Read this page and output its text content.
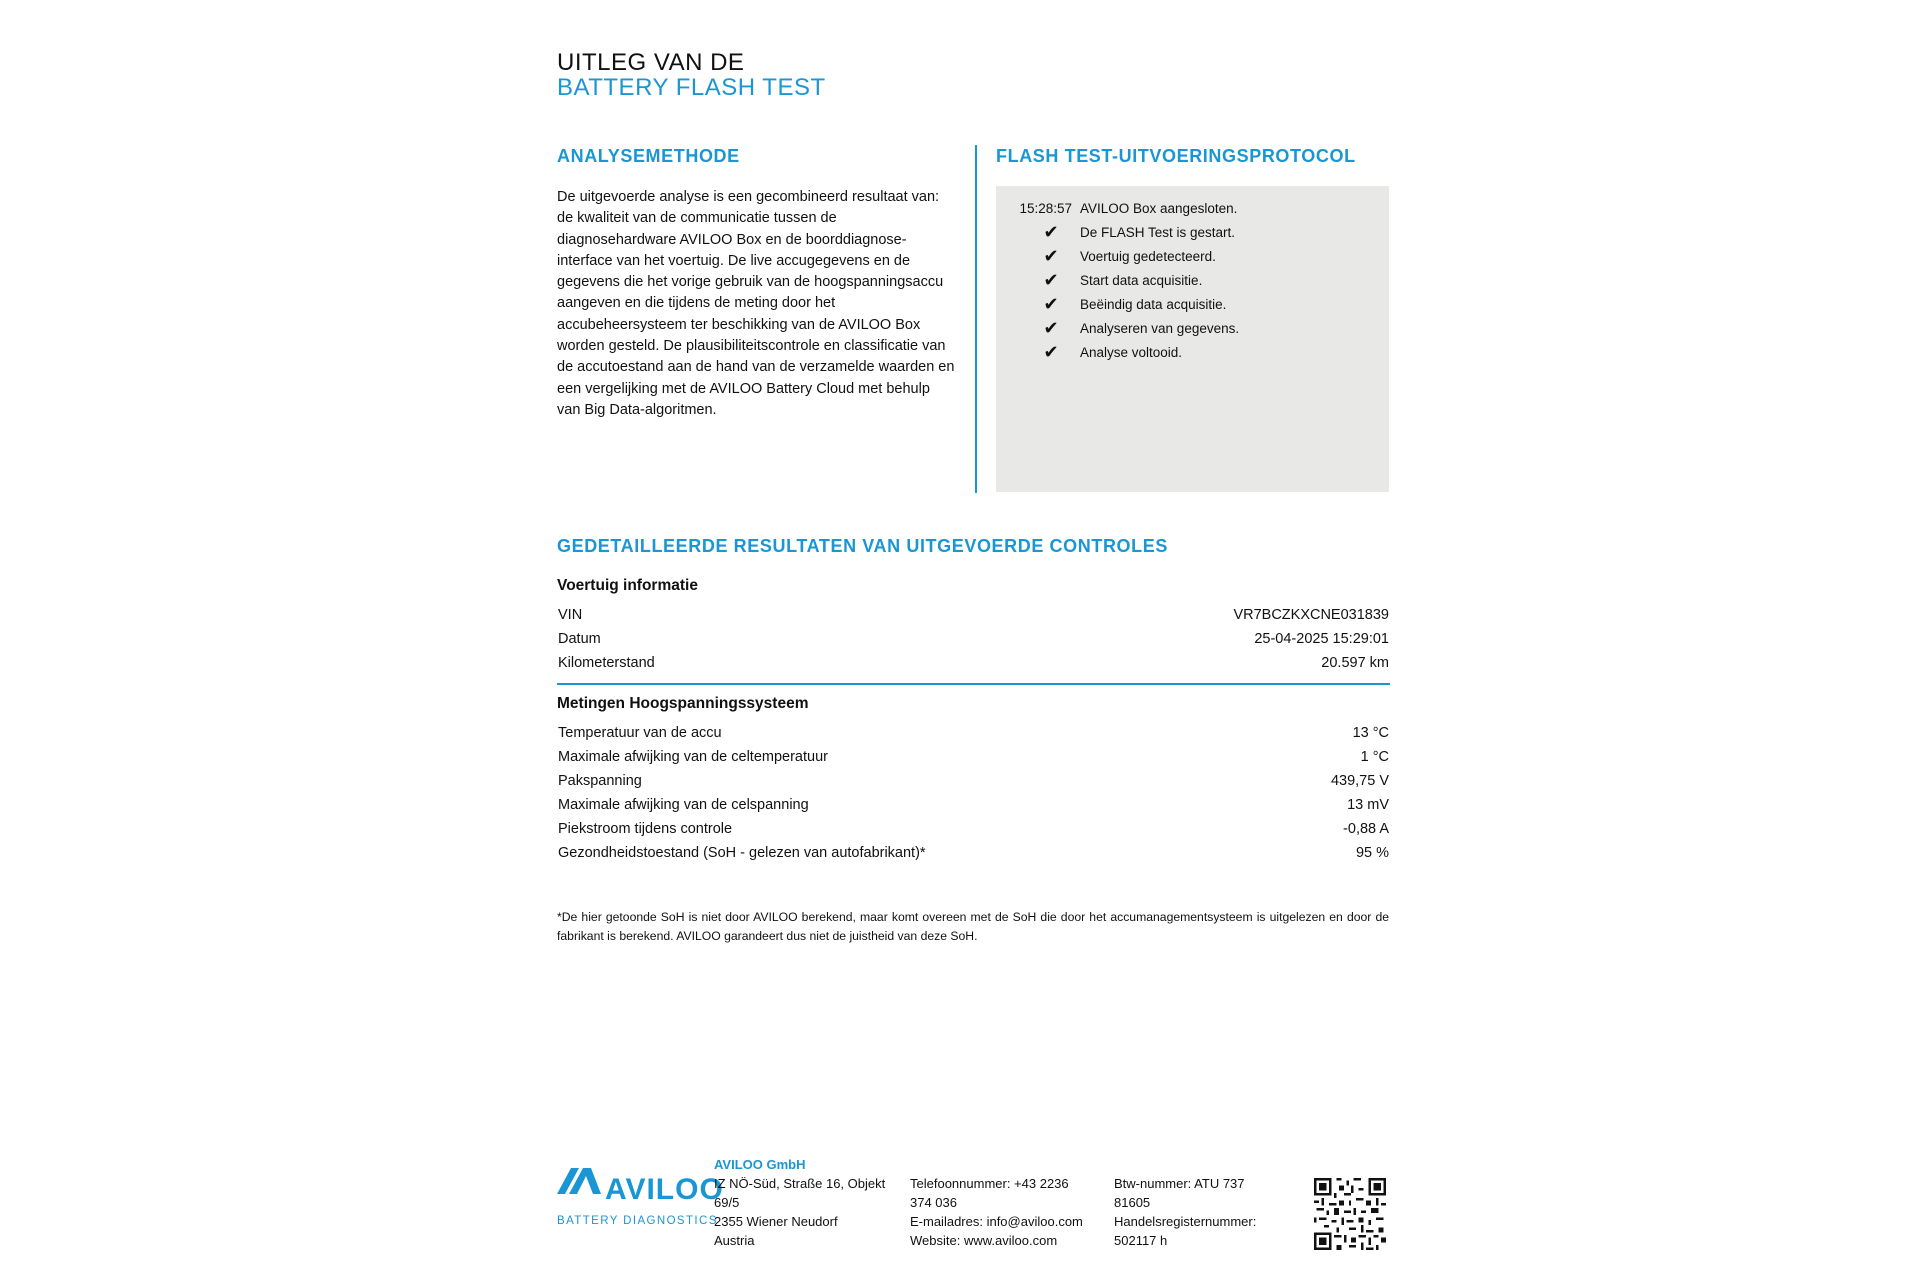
UITLEG VAN DE
BATTERY FLASH TEST
ANALYSEMETHODE
De uitgevoerde analyse is een gecombineerd resultaat van: de kwaliteit van de communicatie tussen de diagnosehardware AVILOO Box en de boorddiagnose-interface van het voertuig. De live accugegevens en de gegevens die het vorige gebruik van de hoogspanningsaccu aangeven en die tijdens de meting door het accubeheersysteem ter beschikking van de AVILOO Box worden gesteld. De plausibiliteitscontrole en classificatie van de accutoestand aan de hand van de verzamelde waarden en een vergelijking met de AVILOO Battery Cloud met behulp van Big Data-algoritmen.
FLASH TEST-UITVOERINGSPROTOCOL
15:28:57 AVILOO Box aangesloten.
✔	De FLASH Test is gestart.
✔	Voertuig gedetecteerd.
✔	Start data acquisitie.
✔	Beëindig data acquisitie.
✔	Analyseren van gegevens.
✔	Analyse voltooid.
GEDETAILLEERDE RESULTATEN VAN UITGEVOERDE CONTROLES
Voertuig informatie
VIN	VR7BCZKXCNE031839
Datum	25-04-2025 15:29:01
Kilometerstand	20.597 km
Metingen Hoogspanningssysteem
Temperatuur van de accu	13 °C
Maximale afwijking van de celtemperatuur	1 °C
Pakspanning	439,75 V
Maximale afwijking van de celspanning	13 mV
Piekstroom tijdens controle	-0,88 A
Gezondheidstoestand (SoH - gelezen van autofabrikant)*	95 %
*De hier getoonde SoH is niet door AVILOO berekend, maar komt overeen met de SoH die door het accumanagementsysteem is uitgelezen en door de fabrikant is berekend. AVILOO garandeert dus niet de juistheid van deze SoH.
AVILOO
BATTERY DIAGNOSTICS
AVILOO GmbH
IZ NÖ-Süd, Straße 16, Objekt
69/5
2355 Wiener Neudorf
Austria
Telefoonnummer: +43 2236
374 036
E-mailadres: info@aviloo.com
Website: www.aviloo.com
Btw-nummer: ATU 737
81605
Handelsregisternummer:
502117 h
